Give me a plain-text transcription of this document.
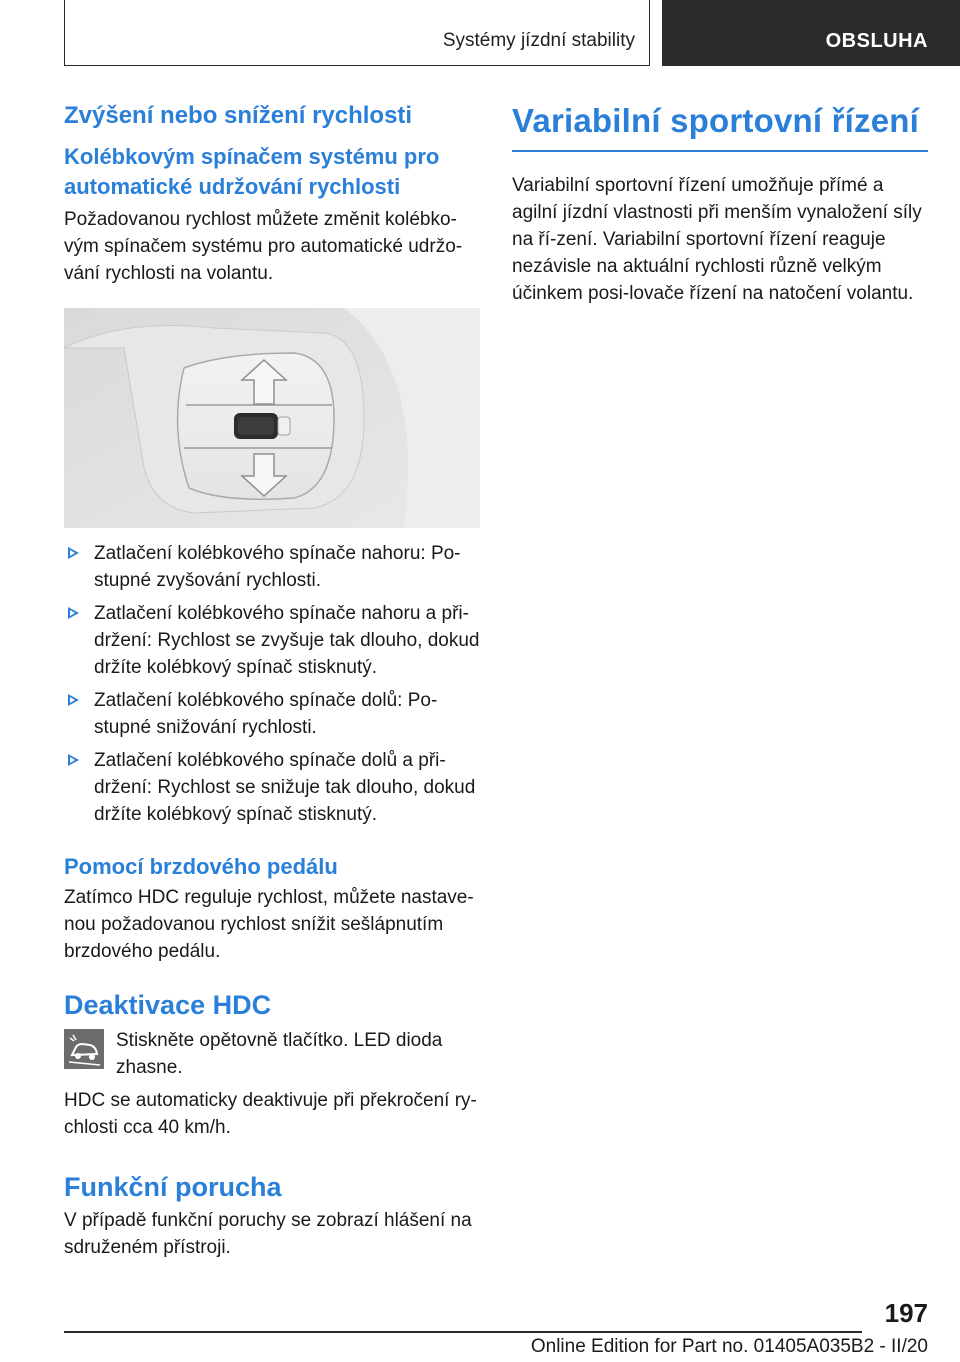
Systémy jízdní stability	OBSLUHA
Zvýšení nebo snížení rychlosti
Kolébkovým spínačem systému pro automatické udržování rychlosti

Požadovanou rychlost můžete změnit kolébko-vým spínačem systému pro automatické udržo-vání rychlosti na volantu.

Zatlačení kolébkového spínače nahoru: Po-stupné zvyšování rychlosti.
Zatlačení kolébkového spínače nahoru a při-držení: Rychlost se zvyšuje tak dlouho, dokud držíte kolébkový spínač stisknutý.
Zatlačení kolébkového spínače dolů: Po-stupné snižování rychlosti.
Zatlačení kolébkového spínače dolů a při-držení: Rychlost se snižuje tak dlouho, dokud držíte kolébkový spínač stisknutý.
Pomocí brzdového pedálu

Zatímco HDC reguluje rychlost, můžete nastave-nou požadovanou rychlost snížit sešlápnutím brzdového pedálu.

Deaktivace HDC

Stiskněte opětovně tlačítko. LED dioda zhasne.

HDC se automaticky deaktivuje při překročení ry-chlosti cca 40 km/h.

Funkční porucha

V případě funkční poruchy se zobrazí hlášení na sdruženém přístroji.

Variabilní sportovní řízení

Variabilní sportovní řízení umožňuje přímé a agilní jízdní vlastnosti při menším vynaložení síly na ří-zení. Variabilní sportovní řízení reaguje nezávisle na aktuální rychlosti různě velkým účinkem posi-lovače řízení na natočení volantu.

197
Online Edition for Part no. 01405A035B2 - II/20
